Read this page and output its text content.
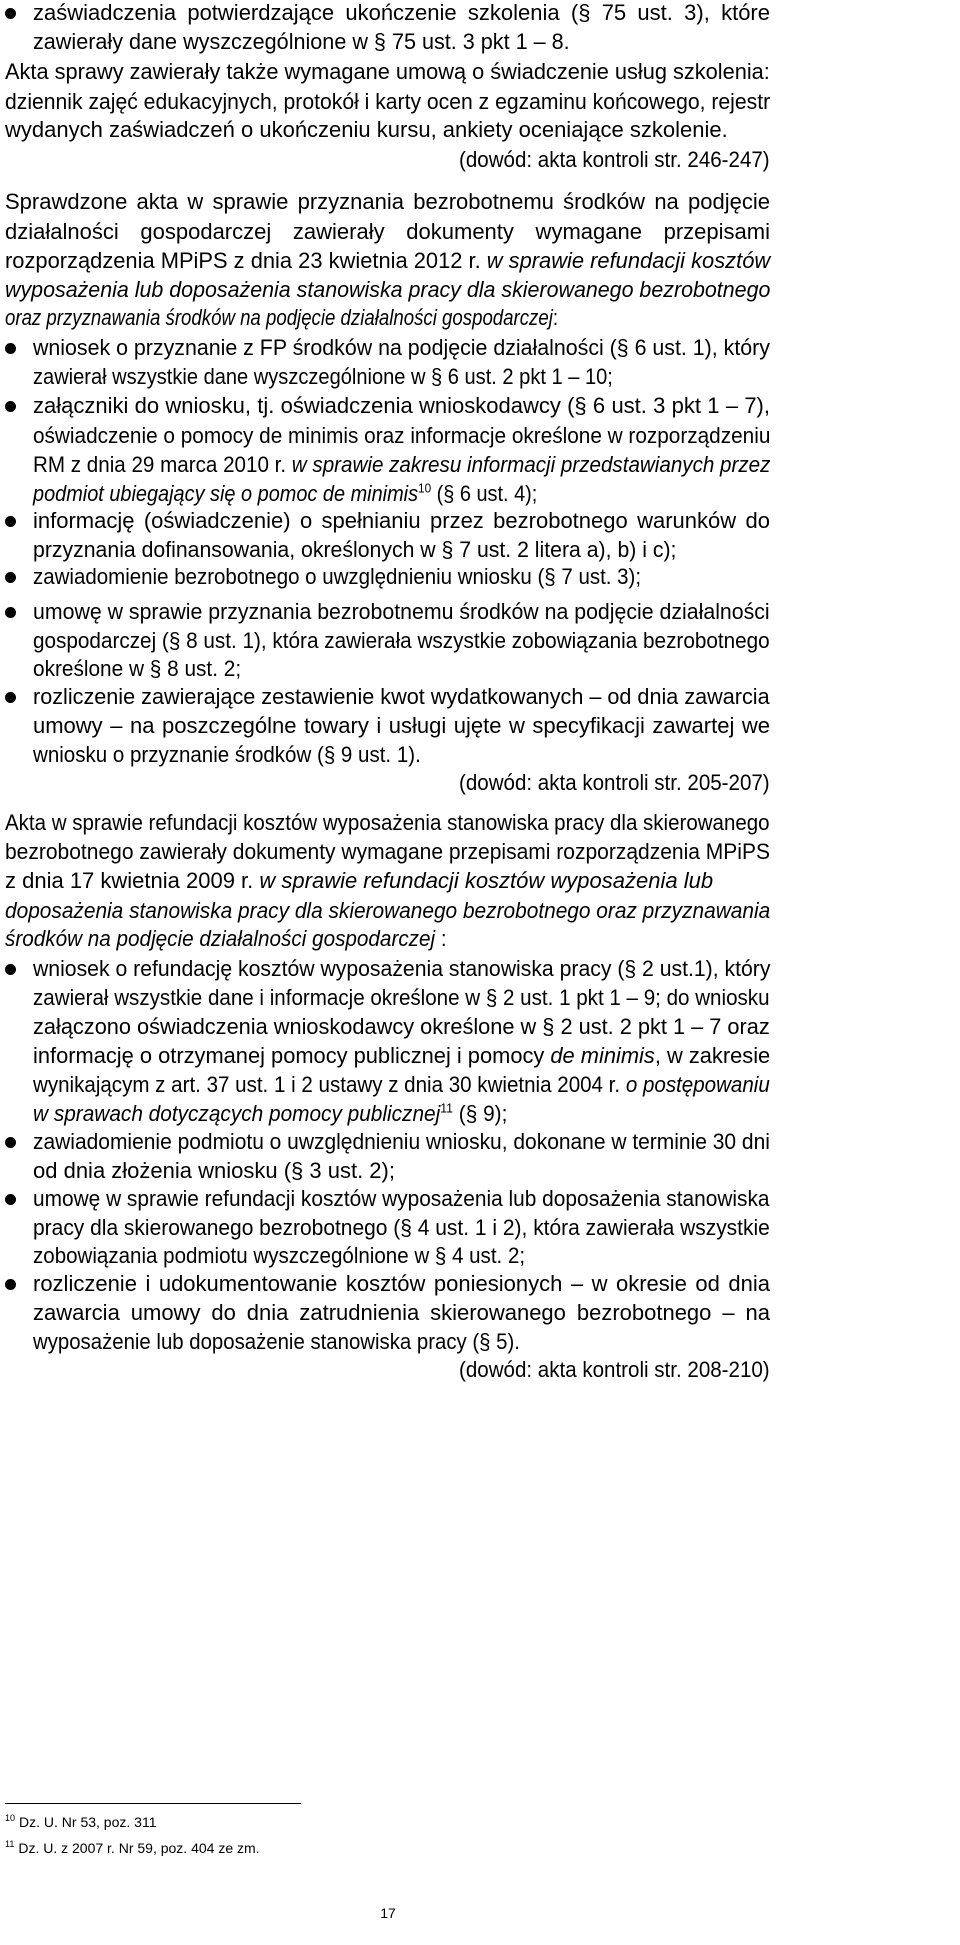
zaświadczenia potwierdzające ukończenie szkolenia (§ 75 ust. 3), które
zawierały dane wyszczególnione w § 75 ust. 3 pkt 1 – 8.
Akta sprawy zawierały także wymagane umową o świadczenie usług szkolenia:
dziennik zajęć edukacyjnych, protokół i karty ocen z egzaminu końcowego, rejestr
wydanych zaświadczeń o ukończeniu kursu, ankiety oceniające szkolenie.
(dowód: akta kontroli str. 246-247)
Sprawdzone akta w sprawie przyznania bezrobotnemu środków na podjęcie
działalności gospodarczej zawierały dokumenty wymagane przepisami
rozporządzenia MPiPS z dnia 23 kwietnia 2012 r. w sprawie refundacji kosztów
wyposażenia lub doposażenia stanowiska pracy dla skierowanego bezrobotnego
oraz przyznawania środków na podjęcie działalności gospodarczej:
wniosek o przyznanie z FP środków na podjęcie działalności (§ 6 ust. 1), który
zawierał wszystkie dane wyszczególnione w § 6 ust. 2 pkt 1 – 10;
załączniki do wniosku, tj. oświadczenia wnioskodawcy (§ 6 ust. 3 pkt 1 – 7),
oświadczenie o pomocy de minimis oraz informacje określone w rozporządzeniu
RM z dnia 29 marca 2010 r. w sprawie zakresu informacji przedstawianych przez
podmiot ubiegający się o pomoc de minimis$^{10}$ (§ 6 ust. 4);
informację (oświadczenie) o spełnianiu przez bezrobotnego warunków do
przyznania dofinansowania, określonych w § 7 ust. 2 litera a), b) i c);
zawiadomienie bezrobotnego o uwzględnieniu wniosku (§ 7 ust. 3);
umowę w sprawie przyznania bezrobotnemu środków na podjęcie działalności
gospodarczej (§ 8 ust. 1), która zawierała wszystkie zobowiązania bezrobotnego
określone w § 8 ust. 2;
rozliczenie zawierające zestawienie kwot wydatkowanych – od dnia zawarcia
umowy – na poszczególne towary i usługi ujęte w specyfikacji zawartej we
wniosku o przyznanie środków (§ 9 ust. 1).
(dowód: akta kontroli str. 205-207)
Akta w sprawie refundacji kosztów wyposażenia stanowiska pracy dla skierowanego
bezrobotnego zawierały dokumenty wymagane przepisami rozporządzenia MPiPS
z dnia 17 kwietnia 2009 r. w sprawie refundacji kosztów wyposażenia lub
doposażenia stanowiska pracy dla skierowanego bezrobotnego oraz przyznawania
środków na podjęcie działalności gospodarczej :
wniosek o refundację kosztów wyposażenia stanowiska pracy (§ 2 ust.1), który
zawierał wszystkie dane i informacje określone w § 2 ust. 1 pkt 1 – 9; do wniosku
załączono oświadczenia wnioskodawcy określone w § 2 ust. 2 pkt 1 – 7 oraz
informację o otrzymanej pomocy publicznej i pomocy de minimis, w zakresie
wynikającym z art. 37 ust. 1 i 2 ustawy z dnia 30 kwietnia 2004 r. o postępowaniu
w sprawach dotyczących pomocy publicznej$^{11}$ (§ 9);
zawiadomienie podmiotu o uwzględnieniu wniosku, dokonane w terminie 30 dni
od dnia złożenia wniosku (§ 3 ust. 2);
umowę w sprawie refundacji kosztów wyposażenia lub doposażenia stanowiska
pracy dla skierowanego bezrobotnego (§ 4 ust. 1 i 2), która zawierała wszystkie
zobowiązania podmiotu wyszczególnione w § 4 ust. 2;
rozliczenie i udokumentowanie kosztów poniesionych – w okresie od dnia
zawarcia umowy do dnia zatrudnienia skierowanego bezrobotnego – na
wyposażenie lub doposażenie stanowiska pracy (§ 5).
(dowód: akta kontroli str. 208-210)
$^{10}$ Dz. U. Nr 53, poz. 311
$^{11}$ Dz. U. z 2007 r. Nr 59, poz. 404 ze zm.
17
